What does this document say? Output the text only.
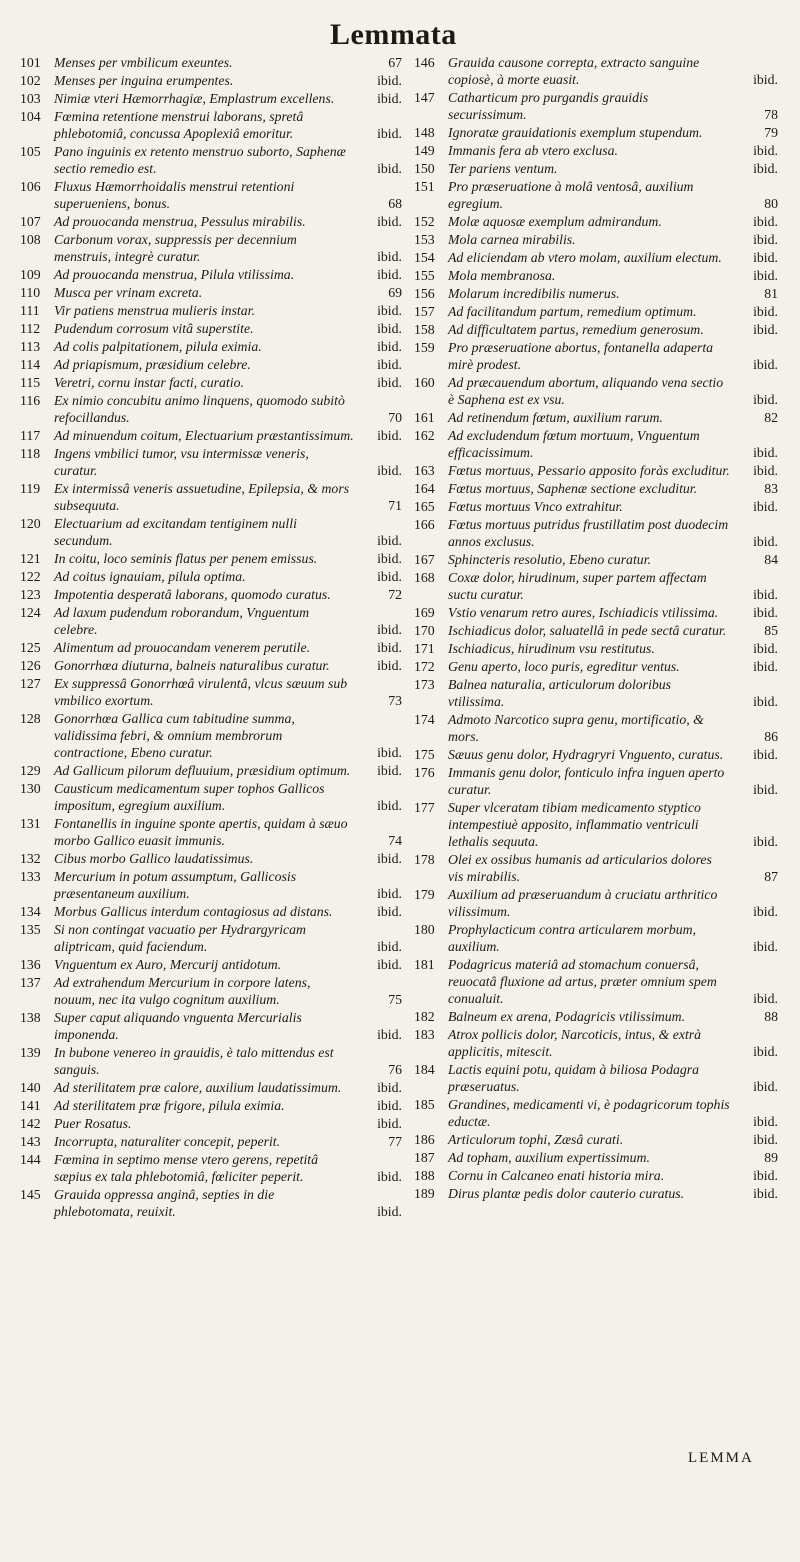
Lemmata
101 Menses per vmbilicum exeuntes.	67
102 Menses per inguina erumpentes.	ibid.
103 Nimiæ vteri Hæmorrhagiæ, Emplastrum excellens.	ibid.
104 Fœmina retentione menstrui laborans, spretâ phlebotomiâ, concussa Apoplexiâ emoritur.	ibid.
105 Pano inguinis ex retento menstruo suborto, Saphenæ sectio remedio est.	ibid.
106 Fluxus Hæmorrhoidalis menstrui retentioni superueniens, bonus.	68
107 Ad prouocanda menstrua, Pessulus mirabilis.	ibid.
108 Carbonum vorax, suppressis per decennium menstruis, integrè curatur.	ibid.
109 Ad prouocanda menstrua, Pilula vtilissima.	ibid.
110	Musca per vrinam excreta.	69
111	Vir patiens menstrua mulieris instar.	ibid.
112	Pudendum corrosum vitâ superstite.	ibid.
113	Ad colis palpitationem, pilula eximia.	ibid.
114	Ad priapismum, præsidium celebre.	ibid.
115	Veretri, cornu instar facti, curatio.	ibid.
116	Ex nimio concubitu animo linquens, quomodo subitò refocillandus.	70
117	Ad minuendum coitum, Electuarium præstantissimum.	ibid.
118	Ingens vmbilici tumor, vsu intermissæ veneris, curatur.	ibid.
119	Ex intermissâ veneris assuetudine, Epilepsia, & mors subsequuta.	71
120 Electuarium ad excitandam tentiginem nulli secundum.	ibid.
121 In coitu, loco seminis flatus per penem emissus.	ibid.
122 Ad coitus ignauiam, pilula optima.	ibid.
123 Impotentia desperatâ laborans, quomodo curatus.	72
124 Ad laxum pudendum roborandum, Vnguentum celebre.	ibid.
125 Alimentum ad prouocandam venerem perutile.	ibid.
126 Gonorrhœa diuturna, balneis naturalibus curatur.	ibid.
127 Ex suppressâ Gonorrhœâ virulentâ, vlcus sæuum sub vmbilico exortum.	73
128 Gonorrhœa Gallica cum tabitudine summa, validissima febri, & omnium membrorum contractione, Ebeno curatur.	ibid.
129 Ad Gallicum pilorum defluuium, præsidium optimum.	ibid.
130 Causticum medicamentum super tophos Gallicos impositum, egregium auxilium.	ibid.
131 Fontanellis in inguine sponte apertis, quidam à sæuo morbo Gallico euasit immunis.	74
132 Cibus morbo Gallico laudatissimus.	ibid.
133 Mercurium in potum assumptum, Gallicosis præsentaneum auxilium.	ibid.
134 Morbus Gallicus interdum contagiosus ad distans.	ibid.
135 Si non contingat vacuatio per Hydrargyricam aliptricam, quid faciendum.	ibid.
136 Vnguentum ex Auro, Mercurij antidotum.	ibid.
137 Ad extrahendum Mercurium in corpore latens, nouum, nec ita vulgo cognitum auxilium.	75
138 Super caput aliquando vnguenta Mercurialis imponenda.	ibid.
139 In bubone venereo in grauidis, è talo mittendus est sanguis.	76
140 Ad sterilitatem præ calore, auxilium laudatissimum.	ibid.
141 Ad sterilitatem præ frigore, pilula eximia.	ibid.
142 Puer Rosatus.	ibid.
143 Incorrupta, naturaliter concepit, peperit.	77
144 Fœmina in septimo mense vtero gerens, repetitâ sæpius ex tala phlebotomiâ, fœliciter peperit.	ibid.
145 Grauida oppressa anginâ, septies in die phlebotomata, reuixit.	ibid.
146 Grauida causone correpta, extracto sanguine copiosè, à morte euasit.	ibid.
147 Catharticum pro purgandis grauidis securissimum.	78
148 Ignoratæ grauidationis exemplum stupendum.	79
149 Immanis fera ab vtero exclusa.	ibid.
150 Ter pariens ventum.	ibid.
151 Pro præseruatione à molâ ventosâ, auxilium egregium.	80
152 Molæ aquosæ exemplum admirandum.	ibid.
153 Mola carnea mirabilis.	ibid.
154 Ad eliciendam ab vtero molam, auxilium electum.	ibid.
155 Mola membranosa.	ibid.
156 Molarum incredibilis numerus.	81
157 Ad facilitandum partum, remedium optimum.	ibid.
158 Ad difficultatem partus, remedium generosum.	ibid.
159 Pro præseruatione abortus, fontanella adaperta mirè prodest.	ibid.
160 Ad præcauendum abortum, aliquando vena sectio è Saphena est ex vsu.	ibid.
161 Ad retinendum fœtum, auxilium rarum.	82
162 Ad excludendum fœtum mortuum, Vnguentum efficacissimum.	ibid.
163 Fœtus mortuus, Pessario apposito foràs excluditur.	ibid.
164 Fœtus mortuus, Saphenæ sectione excluditur.	83
165 Fœtus mortuus Vnco extrahitur.	ibid.
166 Fœtus mortuus putridus frustillatim post duodecim annos exclusus.	ibid.
167 Sphincteris resolutio, Ebeno curatur.	84
168 Coxæ dolor, hirudinum, super partem affectam suctu curatur.	ibid.
169 Vstio venarum retro aures, Ischiadicis vtilissima.	ibid.
170 Ischiadicus dolor, saluatellâ in pede sectâ curatur.	85
171 Ischiadicus, hirudinum vsu restitutus.	ibid.
172 Genu aperto, loco puris, egreditur ventus.	ibid.
173 Balnea naturalia, articulorum doloribus vtilissima.	ibid.
174 Admoto Narcotico supra genu, mortificatio, & mors.	86
175 Sæuus genu dolor, Hydragryri Vnguento, curatus.	ibid.
176 Immanis genu dolor, fonticulo infra inguen aperto curatur.	ibid.
177 Super vlceratam tibiam medicamento styptico intempestiuè apposito, inflammatio ventriculi lethalis sequuta.	ibid.
178 Olei ex ossibus humanis ad articularios dolores vis mirabilis.	87
179 Auxilium ad præseruandum à cruciatu arthritico vilissimum.	ibid.
180 Prophylacticum contra articularem morbum, auxilium.	ibid.
181 Podagricus materiâ ad stomachum conuersâ, reuocatâ fluxione ad artus, præter omnium spem conualuit.	ibid.
182 Balneum ex arena, Podagricis vtilissimum.	88
183 Atrox pollicis dolor, Narcoticis, intus, & extrà applicitis, mitescit.	ibid.
184 Lactis equini potu, quidam à biliosa Podagra præseruatus.	ibid.
185 Grandines, medicamenti vi, è podagricorum tophis eductæ.	ibid.
186 Articulorum tophi, Zæsâ curati.	ibid.
187 Ad topham, auxilium expertissimum.	89
188 Cornu in Calcaneo enati historia mira.	ibid.
189 Dirus plantæ pedis dolor cauterio curatus.	ibid.
LEMMA
